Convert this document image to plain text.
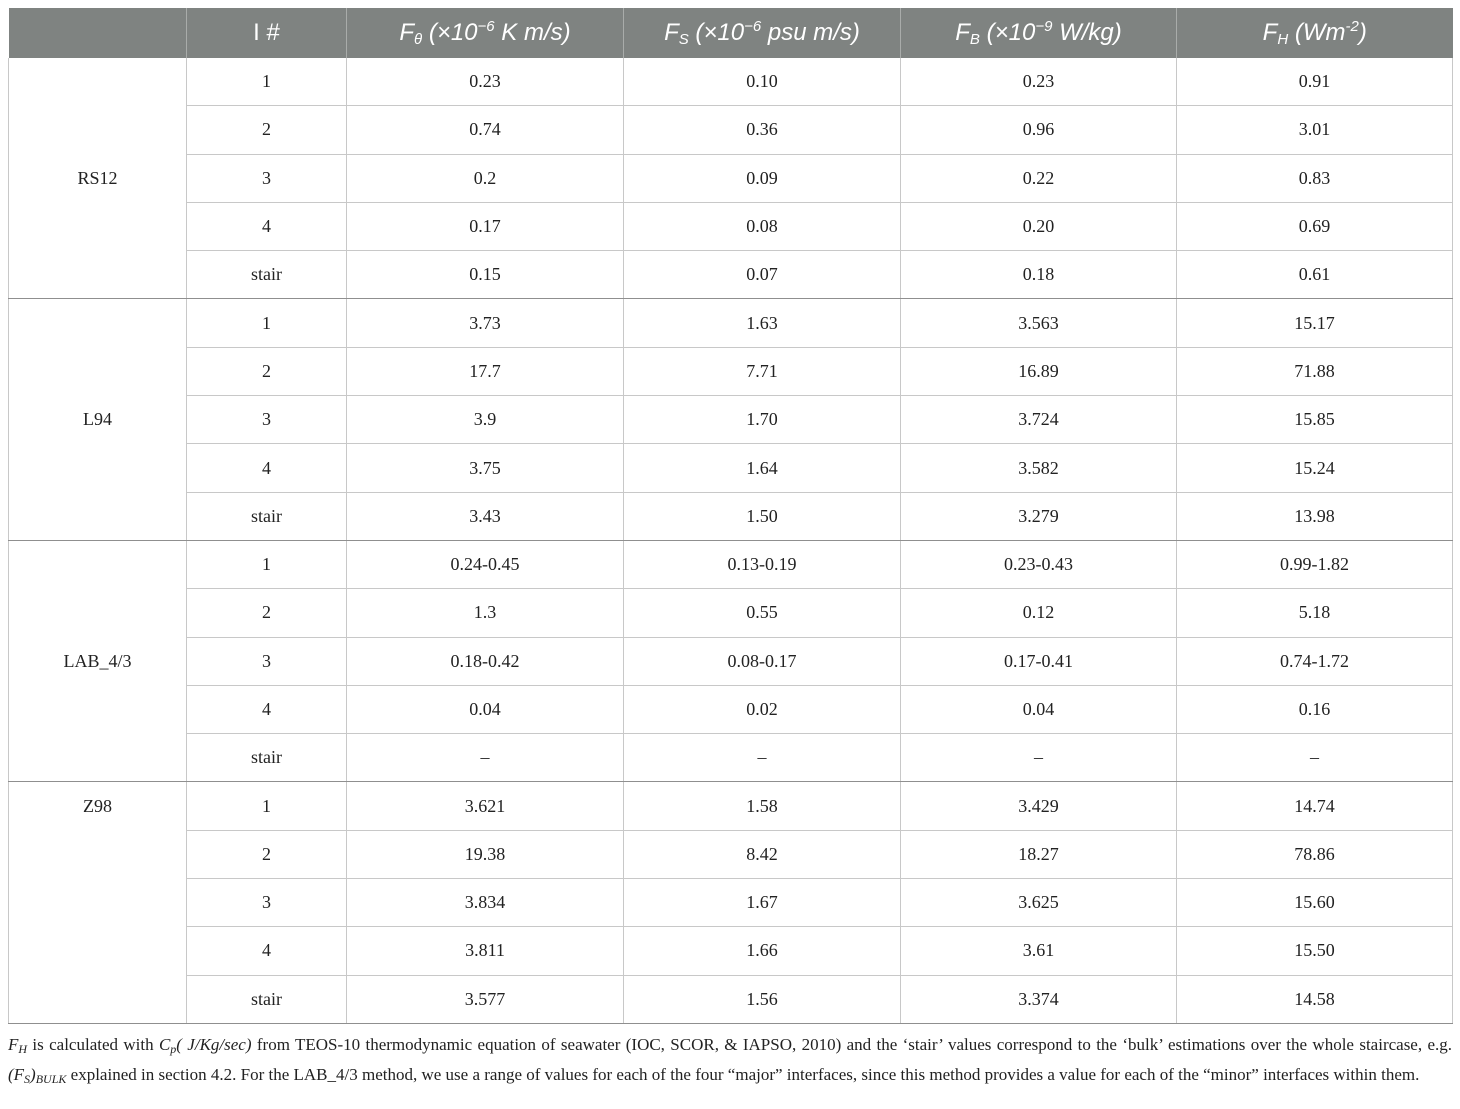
	I #	$F_\theta$ ($\times 10^{-6}$ K m/s)	$F_S$ ($\times 10^{-6}$ psu m/s)	$F_B$ ($\times 10^{-9}$ W/kg)	$F_H$ $(Wm^{-2})$
RS12	1	0.23	0.10	0.23	0.91
	2	0.74	0.36	0.96	3.01
	3	0.2	0.09	0.22	0.83
	4	0.17	0.08	0.20	0.69
	stair	0.15	0.07	0.18	0.61
L94	1	3.73	1.63	3.563	15.17
	2	17.7	7.71	16.89	71.88
	3	3.9	1.70	3.724	15.85
	4	3.75	1.64	3.582	15.24
	stair	3.43	1.50	3.279	13.98
LAB_4/3	1	0.24-0.45	0.13-0.19	0.23-0.43	0.99-1.82
	2	1.3	0.55	0.12	5.18
	3	0.18-0.42	0.08-0.17	0.17-0.41	0.74-1.72
	4	0.04	0.02	0.04	0.16
	stair	–	–	–	–
Z98	1	3.621	1.58	3.429	14.74
	2	19.38	8.42	18.27	78.86
	3	3.834	1.67	3.625	15.60
	4	3.811	1.66	3.61	15.50
	stair	3.577	1.56	3.374	14.58
FH is calculated with Cp( J/Kg/sec) from TEOS-10 thermodynamic equation of seawater (IOC, SCOR, & IAPSO, 2010) and the ‘stair’ values correspond to the ‘bulk’ estimations over the whole staircase, e.g. (FS)BULK explained in section 4.2. For the LAB_4/3 method, we use a range of values for each of the four “major” interfaces, since this method provides a value for each of the “minor” interfaces within them.
